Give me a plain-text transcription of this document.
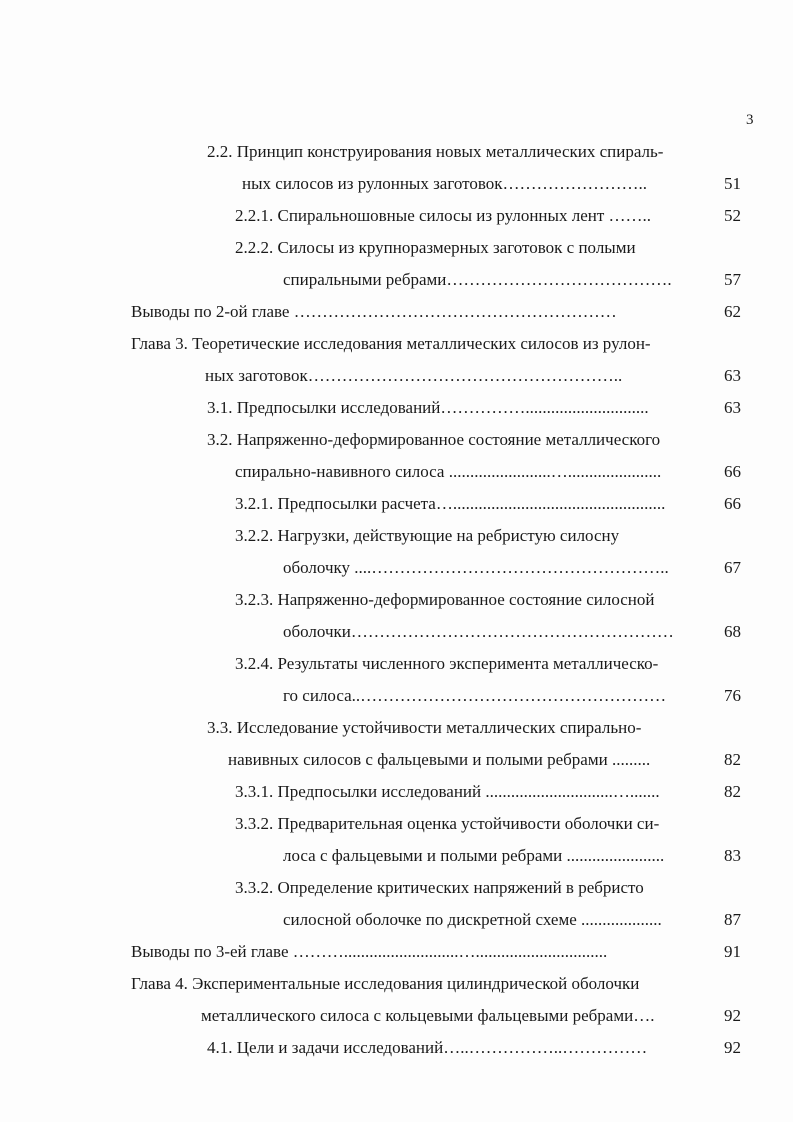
3
2.2. Принцип конструирования новых металлических спираль-
ных силосов из рулонных заготовок……………………..	51
2.2.1. Спиральношовные силосы из рулонных лент ……..	52
2.2.2. Силосы из крупноразмерных заготовок с полыми
спиральными ребрами………………………………….	57
Выводы по 2-ой главе …………………………………………………	62
Глава 3. Теоретические исследования металлических силосов из рулон-
ных заготовок………………………………………………..	63
3.1. Предпосылки исследований…………….............................	63
3.2. Напряженно-деформированное состояние металлического
спирально-навивного силоса ........................…......................	66
3.2.1. Предпосылки расчета…..................................................	66
3.2.2. Нагрузки, действующие на ребристую силосну
оболочку ....……………………………………………..	67
3.2.3. Напряженно-деформированное состояние силосной
оболочки…………………………………………………	68
3.2.4. Результаты численного эксперимента металлическо-
го силоса..………………………………………………	76
3.3. Исследование устойчивости металлических спирально-
навивных силосов с фальцевыми и полыми ребрами .........	82
3.3.1. Предпосылки исследований ..............................….......	82
3.3.2. Предварительная оценка устойчивости оболочки си-
лоса с фальцевыми и полыми ребрами .......................	83
3.3.2. Определение критических напряжений в ребристо
силосной оболочке по дискретной схеме ...................	87
Выводы по 3-ей главе ………...........................…...............................	91
Глава 4. Экспериментальные исследования цилиндрической оболочки
металлического силоса с кольцевыми фальцевыми ребрами….	92
4.1. Цели и задачи исследований…..……………..……………	92
